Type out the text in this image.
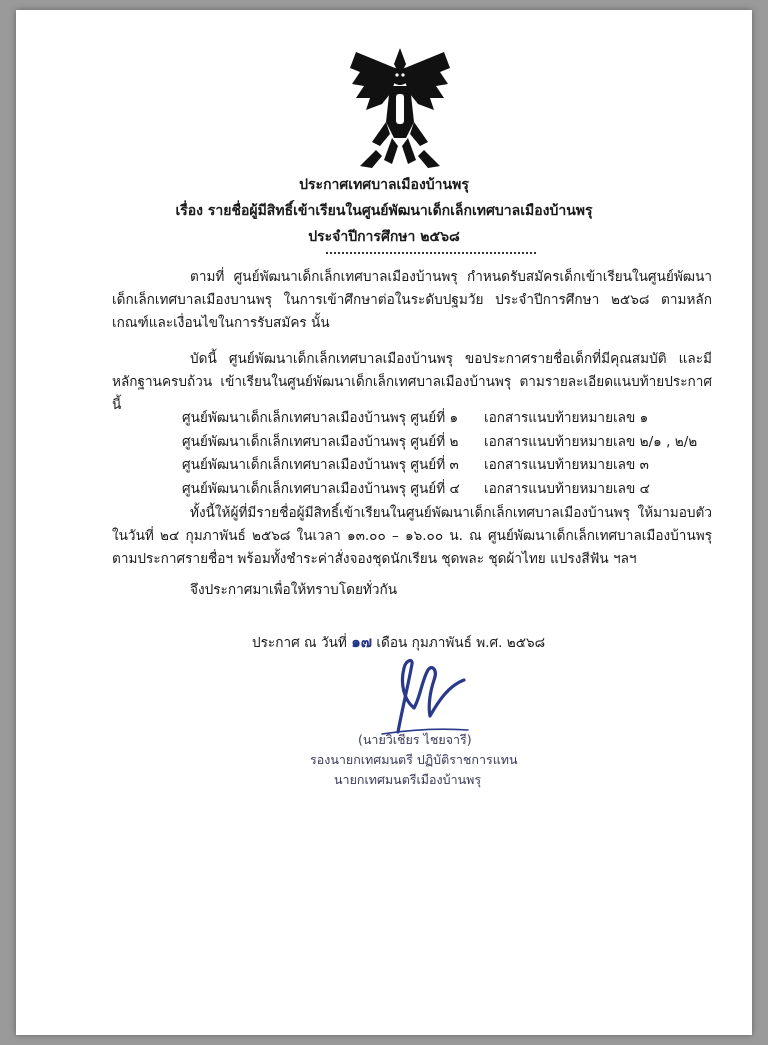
ประกาศเทศบาลเมืองบ้านพรุ
เรื่อง รายชื่อผู้มีสิทธิ์เข้าเรียนในศูนย์พัฒนาเด็กเล็กเทศบาลเมืองบ้านพรุ
ประจำปีการศึกษา ๒๕๖๘
ตามที่ ศูนย์พัฒนาเด็กเล็กเทศบาลเมืองบ้านพรุ กำหนดรับสมัครเด็กเข้าเรียนในศูนย์พัฒนาเด็กเล็กเทศบาลเมืองบานพรุ ในการเข้าศึกษาต่อในระดับปฐมวัย ประจำปีการศึกษา ๒๕๖๘ ตามหลักเกณฑ์และเงื่อนไขในการรับสมัคร นั้น
บัดนี้ ศูนย์พัฒนาเด็กเล็กเทศบาลเมืองบ้านพรุ ขอประกาศรายชื่อเด็กที่มีคุณสมบัติ และมีหลักฐานครบถ้วน เข้าเรียนในศูนย์พัฒนาเด็กเล็กเทศบาลเมืองบ้านพรุ ตามรายละเอียดแนบท้ายประกาศนี้
ศูนย์พัฒนาเด็กเล็กเทศบาลเมืองบ้านพรุ ศูนย์ที่ ๑	เอกสารแนบท้ายหมายเลข ๑
ศูนย์พัฒนาเด็กเล็กเทศบาลเมืองบ้านพรุ ศูนย์ที่ ๒	เอกสารแนบท้ายหมายเลข ๒/๑ , ๒/๒
ศูนย์พัฒนาเด็กเล็กเทศบาลเมืองบ้านพรุ ศูนย์ที่ ๓	เอกสารแนบท้ายหมายเลข ๓
ศูนย์พัฒนาเด็กเล็กเทศบาลเมืองบ้านพรุ ศูนย์ที่ ๔	เอกสารแนบท้ายหมายเลข ๔
ทั้งนี้ให้ผู้ที่มีรายชื่อผู้มีสิทธิ์เข้าเรียนในศูนย์พัฒนาเด็กเล็กเทศบาลเมืองบ้านพรุ ให้มามอบตัวในวันที่ ๒๔ กุมภาพันธ์ ๒๕๖๘ ในเวลา ๑๓.๐๐ – ๑๖.๐๐ น. ณ ศูนย์พัฒนาเด็กเล็กเทศบาลเมืองบ้านพรุ ตามประกาศรายชื่อฯ พร้อมทั้งชำระค่าสั่งจองชุดนักเรียน ชุดพละ ชุดผ้าไทย แปรงสีฟัน ฯลฯ
จึงประกาศมาเพื่อให้ทราบโดยทั่วกัน
ประกาศ ณ วันที่ ๑๗ เดือน กุมภาพันธ์ พ.ศ. ๒๕๖๘
(นายวิเชียร ไชยจารี)
รองนายกเทศมนตรี ปฏิบัติราชการแทน
นายกเทศมนตรีเมืองบ้านพรุ
